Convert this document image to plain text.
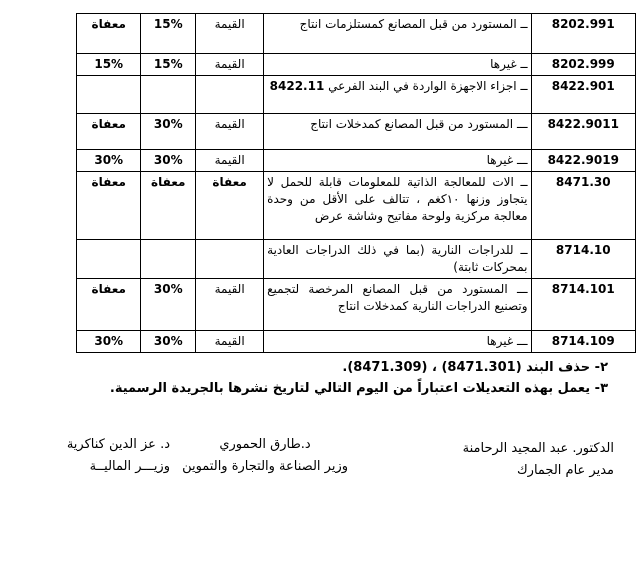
8202.991	ــ المستورد من قبل المصانع كمستلزمات انتاج	القيمة	15%	معفاة
8202.999	ــ غيرها	القيمة	15%	15%
8422.901	ــ اجزاء الاجهزة الواردة في البند الفرعي 8422.11			
8422.9011	ـــ المستورد من قبل المصانع كمدخلات انتاج	القيمة	30%	معفاة
8422.9019	ـــ غيرها	القيمة	30%	30%
8471.30	ــ الات للمعالجة الذاتية للمعلومات قابلة للحمل لا يتجاوز وزنها ١٠كغم ، تتالف على الأقل من وحدة معالجة مركزية ولوحة مفاتيح وشاشة عرض	معفاة	معفاة	معفاة
8714.10	ــ للدراجات النارية (بما في ذلك الدراجات العادية بمحركات ثابتة)			
8714.101	ـــ المستورد من قبل المصانع المرخصة لتجميع وتصنيع الدراجات النارية كمدخلات انتاج	القيمة	30%	معفاة
8714.109	ـــ غيرها	القيمة	30%	30%
٢- حذف البند (8471.301) ، (8471.309).
٣- يعمل بهذه التعديلات اعتباراً من اليوم التالي لتاريخ نشرها بالجريدة الرسمية.
الدكتور. عبد المجيد الرحامنة
مدير عام الجمارك
د.طارق الحموري
وزير الصناعة والتجارة والتموين
د. عز الدين كناكرية
وزيـــر الماليــة
